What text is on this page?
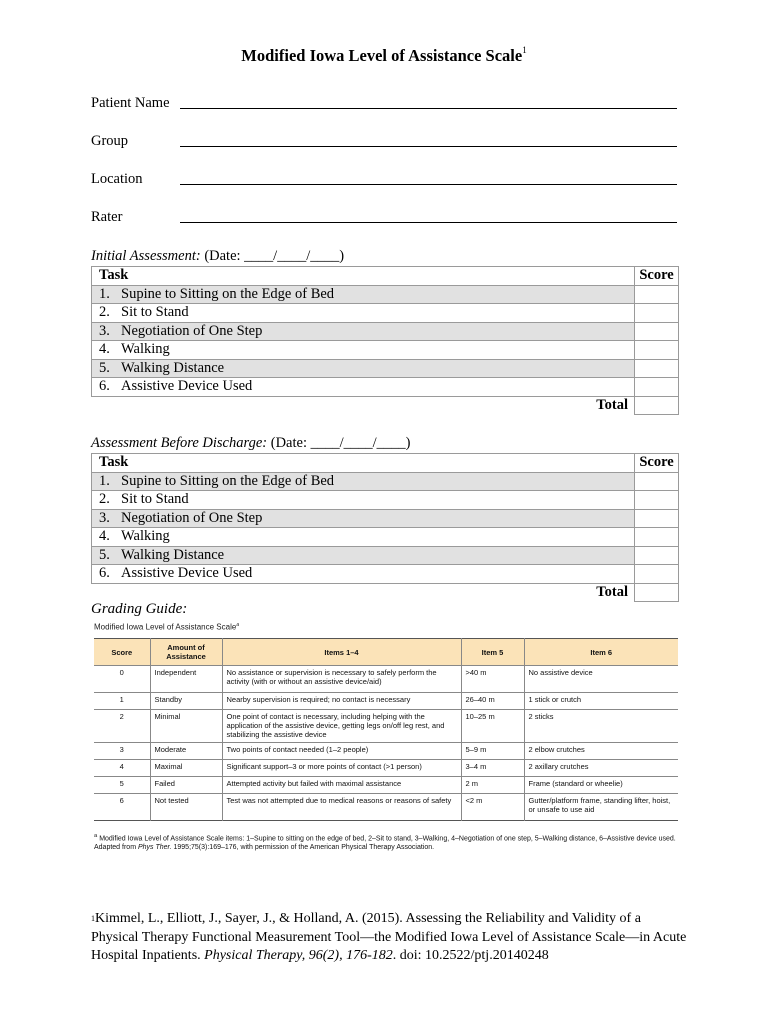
Modified Iowa Level of Assistance Scale$^1$
Patient Name
Group
Location
Rater
Initial Assessment: (Date: ____/____/____)
Task	Score
1. Supine to Sitting on the Edge of Bed	
2. Sit to Stand	
3. Negotiation of One Step	
4. Walking	
5. Walking Distance	
6. Assistive Device Used	
Total	
Assessment Before Discharge: (Date: ____/____/____)
Task	Score
1. Supine to Sitting on the Edge of Bed	
2. Sit to Stand	
3. Negotiation of One Step	
4. Walking	
5. Walking Distance	
6. Assistive Device Used	
Total	
Grading Guide:
Modified Iowa Level of Assistance Scale$^a$
Score	Amount of Assistance	Items 1–4	Item 5	Item 6
0	Independent	No assistance or supervision is necessary to safely perform the activity (with or without an assistive device/aid)	>40 m	No assistive device
1	Standby	Nearby supervision is required; no contact is necessary	26–40 m	1 stick or crutch
2	Minimal	One point of contact is necessary, including helping with the application of the assistive device, getting legs on/off leg rest, and stabilizing the assistive device	10–25 m	2 sticks
3	Moderate	Two points of contact needed (1–2 people)	5–9 m	2 elbow crutches
4	Maximal	Significant support–3 or more points of contact (>1 person)	3–4 m	2 axillary crutches
5	Failed	Attempted activity but failed with maximal assistance	2 m	Frame (standard or wheelie)
6	Not tested	Test was not attempted due to medical reasons or reasons of safety	<2 m	Gutter/platform frame, standing lifter, hoist, or unsafe to use aid
$^a$ Modified Iowa Level of Assistance Scale items: 1–Supine to sitting on the edge of bed, 2–Sit to stand, 3–Walking, 4–Negotiation of one step, 5–Walking distance, 6–Assistive device used. Adapted from Phys Ther. 1995;75(3):169–176, with permission of the American Physical Therapy Association.
$^1$Kimmel, L., Elliott, J., Sayer, J., & Holland, A. (2015). Assessing the Reliability and Validity of a Physical Therapy Functional Measurement Tool—the Modified Iowa Level of Assistance Scale—in Acute Hospital Inpatients. Physical Therapy, 96(2), 176-182. doi: 10.2522/ptj.20140248
